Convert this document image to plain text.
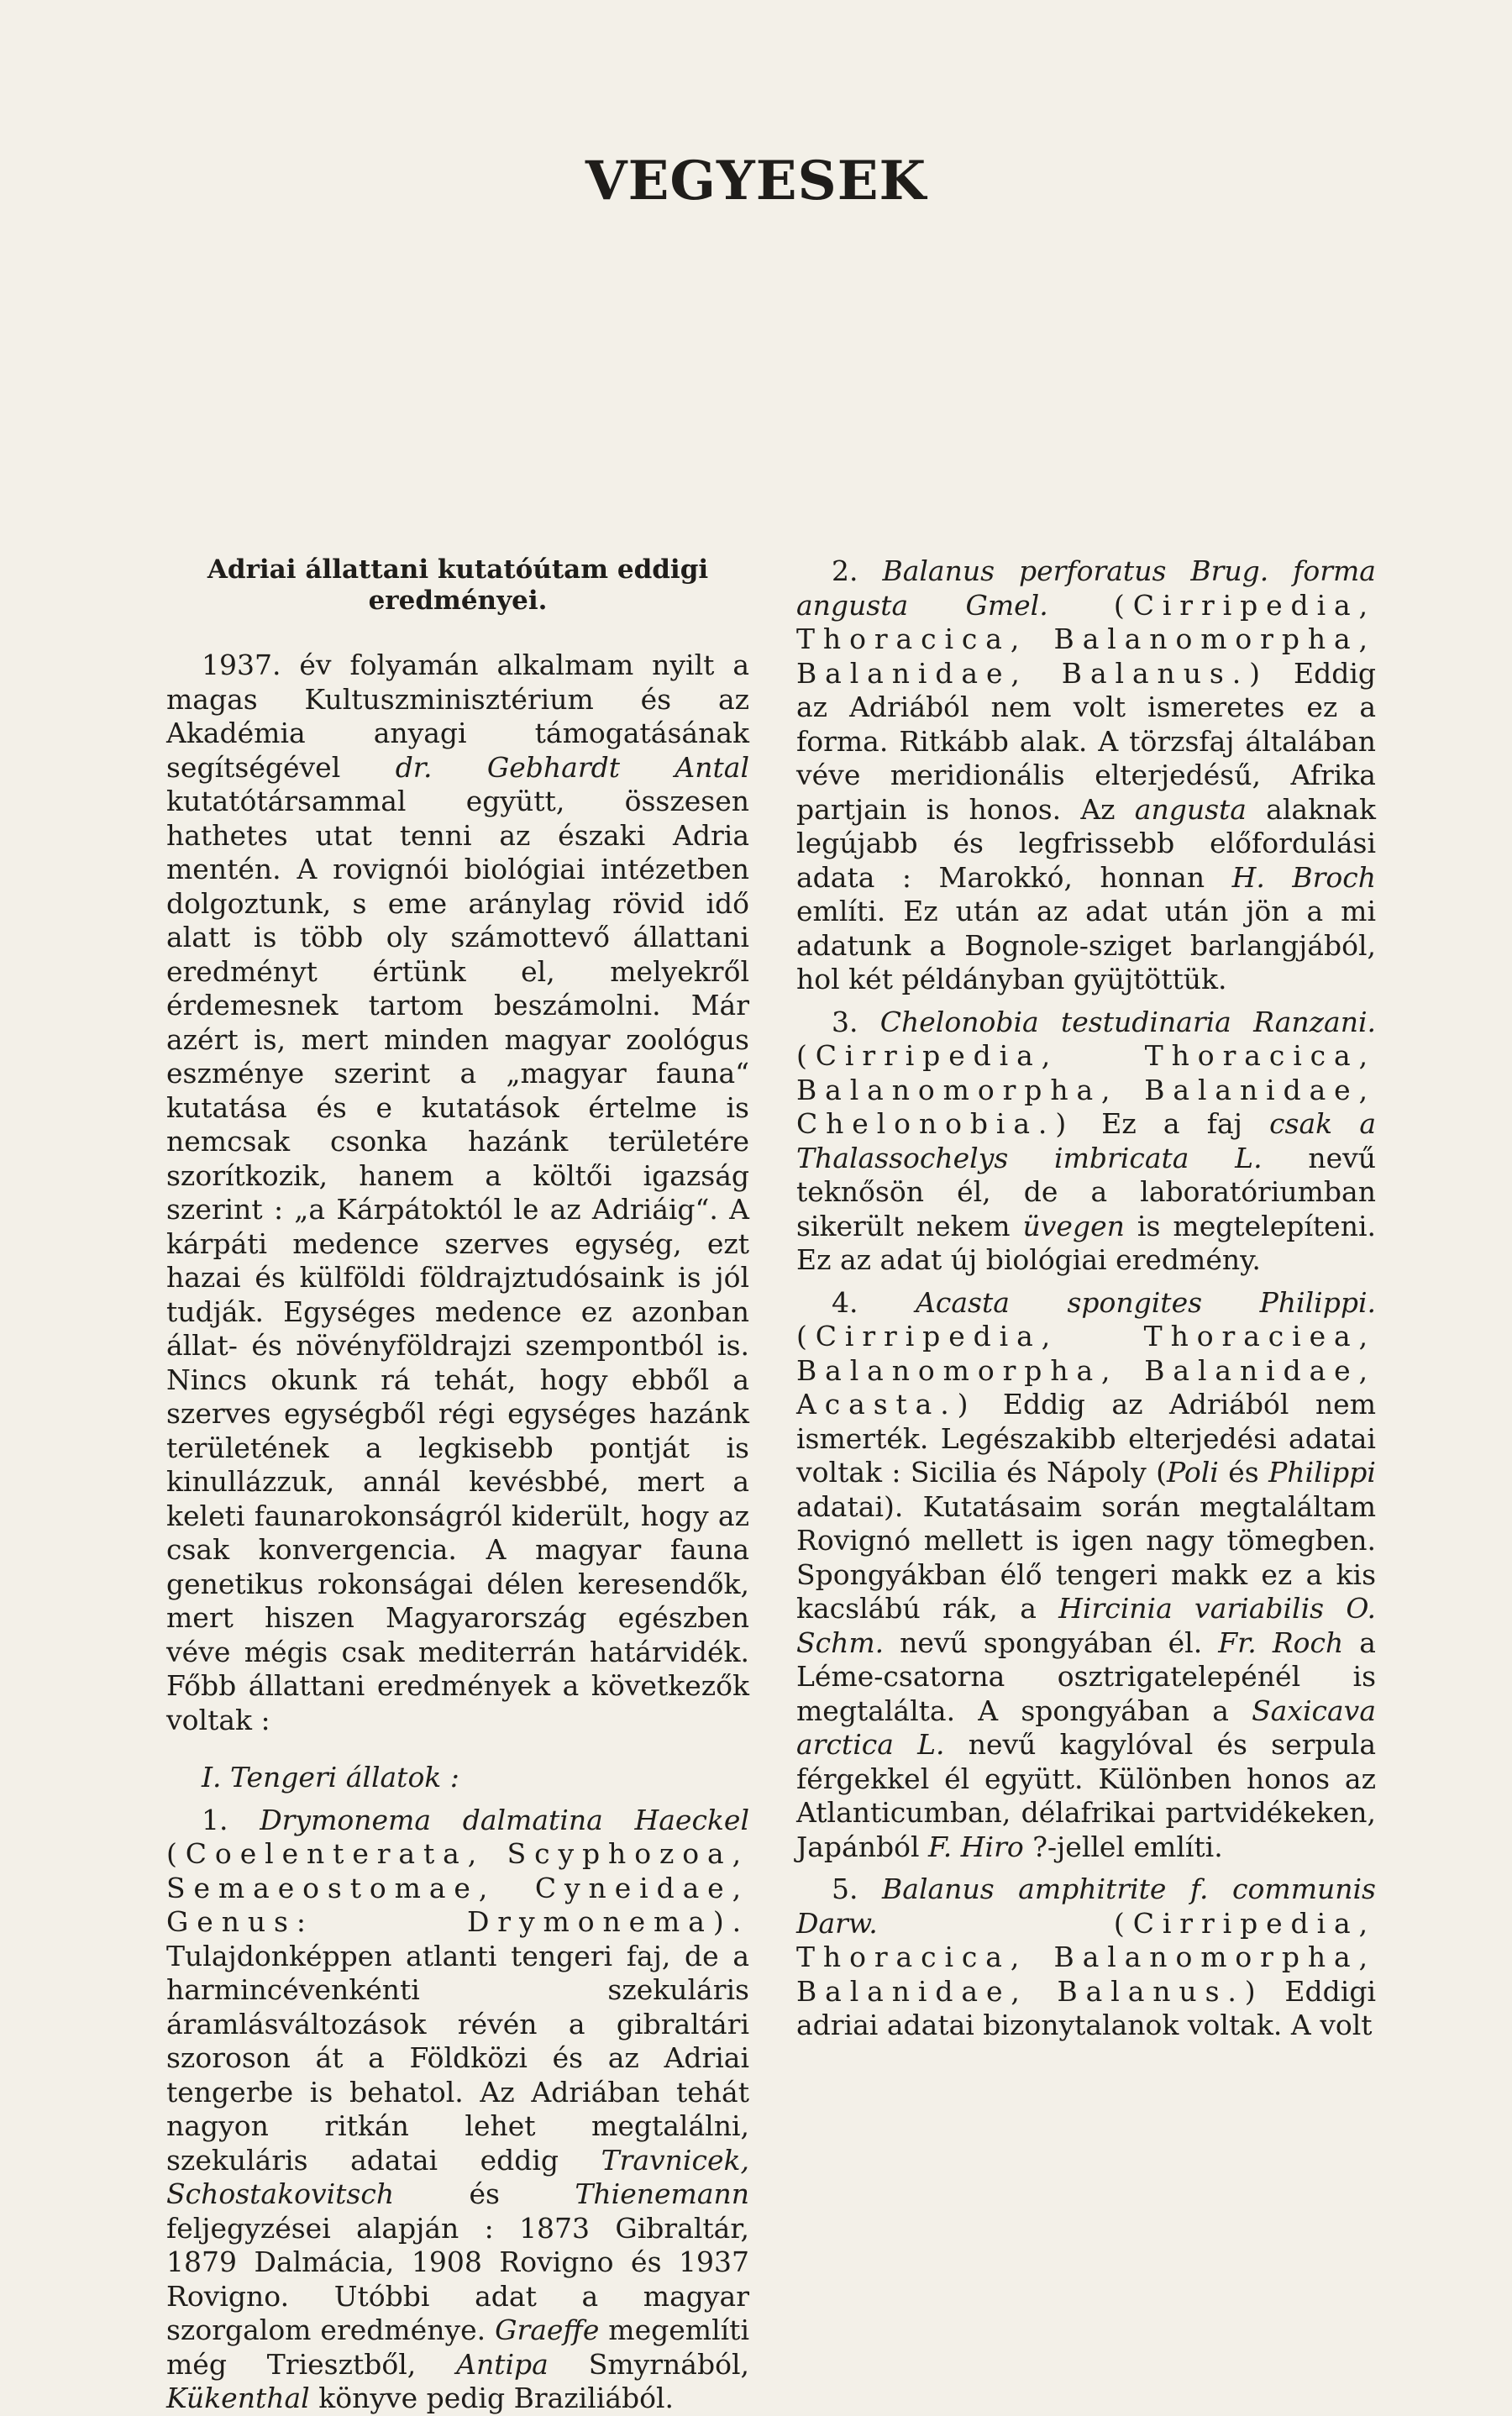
VEGYESEK

Adriai állattani kutatóútam eddigi eredményei.

1937. év folyamán alkalmam nyilt a magas Kultuszminisztérium és az Akadémia anyagi támogatásának segítségével dr. Gebhardt Antal kutatótársammal együtt, összesen hathetes utat tenni az északi Adria mentén. A rovignói biológiai intézetben dolgoztunk, s eme aránylag rövid idő alatt is több oly számottevő állattani eredményt értünk el, melyekről érdemesnek tartom beszámolni. Már azért is, mert minden magyar zoológus eszménye szerint a „magyar fauna“ kutatása és e kutatások értelme is nemcsak csonka hazánk területére szorítkozik, hanem a költői igazság szerint : „a Kárpátoktól le az Adriáig“. A kárpáti medence szerves egység, ezt hazai és külföldi földrajztudósaink is jól tudják. Egységes medence ez azonban állat- és növényföldrajzi szempontból is. Nincs okunk rá tehát, hogy ebből a szerves egységből régi egységes hazánk területének a legkisebb pontját is kinullázzuk, annál kevésbbé, mert a keleti faunarokonságról kiderült, hogy az csak konvergencia. A magyar fauna genetikus rokonságai délen keresendők, mert hiszen Magyarország egészben véve mégis csak mediterrán határvidék. Főbb állattani eredmények a következők voltak :

I. Tengeri állatok :

1. Drymonema dalmatina Haeckel (Coelenterata, Scyphozoa, Semaeostomae, Cyneidae, Genus: Drymonema). Tulajdonképpen atlanti tengeri faj, de a harmincévenkénti szekuláris áramlásváltozások révén a gibraltári szoroson át a Földközi és az Adriai tengerbe is behatol. Az Adriában tehát nagyon ritkán lehet megtalálni, szekuláris adatai eddig Travnicek, Schostakovitsch és Thienemann feljegyzései alapján : 1873 Gibraltár, 1879 Dalmácia, 1908 Rovigno és 1937 Rovigno. Utóbbi adat a magyar szorgalom eredménye. Graeffe megemlíti még Triesztből, Antipa Smyrnából, Kükenthal könyve pedig Braziliából.

2. Balanus perforatus Brug. forma angusta Gmel. (Cirripedia, Thoracica, Balanomorpha, Balanidae, Balanus.) Eddig az Adriából nem volt ismeretes ez a forma. Ritkább alak. A törzsfaj általában véve meridionális elterjedésű, Afrika partjain is honos. Az angusta alaknak legújabb és legfrissebb előfordulási adata : Marokkó, honnan H. Broch említi. Ez után az adat után jön a mi adatunk a Bognole-sziget barlangjából, hol két példányban gyüjtöttük.

3. Chelonobia testudinaria Ranzani. (Cirripedia, Thoracica, Balanomorpha, Balanidae, Chelonobia.) Ez a faj csak a Thalassochelys imbricata L. nevű teknősön él, de a laboratóriumban sikerült nekem üvegen is megtelepíteni. Ez az adat új biológiai eredmény.

4. Acasta spongites Philippi. (Cirripedia, Thoraciea, Balanomorpha, Balanidae, Acasta.) Eddig az Adriából nem ismerték. Legészakibb elterjedési adatai voltak : Sicilia és Nápoly (Poli és Philippi adatai). Kutatásaim során megtaláltam Rovignó mellett is igen nagy tömegben. Spongyákban élő tengeri makk ez a kis kacslábú rák, a Hircinia variabilis O. Schm. nevű spongyában él. Fr. Roch a Léme-csatorna osztrigatelepénél is megtalálta. A spongyában a Saxicava arctica L. nevű kagylóval és serpula férgekkel él együtt. Különben honos az Atlanticumban, délafrikai partvidékeken, Japánból F. Hiro ?-jellel említi.

5. Balanus amphitrite f. communis Darw. (Cirripedia, Thoracica, Balanomorpha, Balanidae, Balanus.) Eddigi adriai adatai bizonytalanok voltak. A volt
